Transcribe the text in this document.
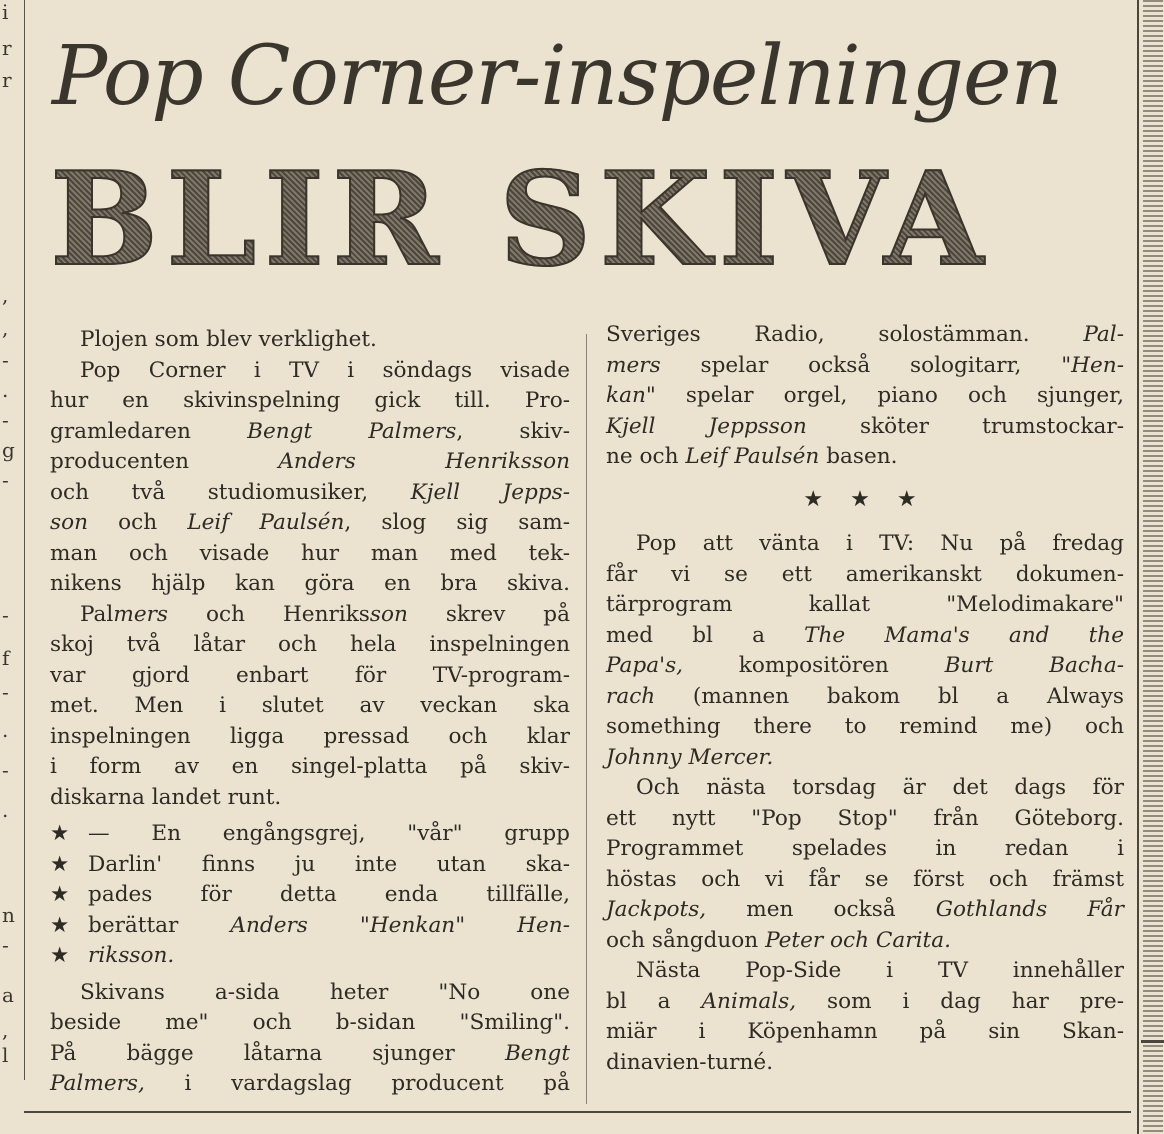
i
r
r
,
,
-
.
-
g
-
-
f
-
.
-
.
n
-
a
,
l
Pop Corner-inspelningen
BLIR SKIVA
Plojen som blev verklighet.
Pop Corner i TV i söndags visade
hur en skivinspelning gick till. Pro-
gramledaren Bengt Palmers, skiv-
producenten Anders Henriksson
och två studiomusiker, Kjell Jepps-
son och Leif Paulsén, slog sig sam-
man och visade hur man med tek-
nikens hjälp kan göra en bra skiva.
Palmers och Henriksson skrev på
skoj två låtar och hela inspelningen
var gjord enbart för TV-program-
met. Men i slutet av veckan ska
inspelningen ligga pressad och klar
i form av en singel-platta på skiv-
diskarna landet runt.
★ — En engångsgrej, "vår" grupp
★ Darlin' finns ju inte utan ska-
★ pades för detta enda tillfälle,
★ berättar Anders "Henkan" Hen-
★ riksson.
Skivans a-sida heter "No one
beside me" och b-sidan "Smiling".
På bägge låtarna sjunger Bengt
Palmers, i vardagslag producent på
Sveriges Radio, solostämman. Pal-
mers spelar också sologitarr, "Hen-
kan" spelar orgel, piano och sjunger,
Kjell Jeppsson sköter trumstockar-
ne och Leif Paulsén basen.
★ ★ ★
Pop att vänta i TV: Nu på fredag
får vi se ett amerikanskt dokumen-
tärprogram kallat "Melodimakare"
med bl a The Mama's and the
Papa's, kompositören Burt Bacha-
rach (mannen bakom bl a Always
something there to remind me) och
Johnny Mercer.
Och nästa torsdag är det dags för
ett nytt "Pop Stop" från Göteborg.
Programmet spelades in redan i
höstas och vi får se först och främst
Jackpots, men också Gothlands Får
och sångduon Peter och Carita.
Nästa Pop-Side i TV innehåller
bl a Animals, som i dag har pre-
miär i Köpenhamn på sin Skan-
dinavien-turné.
